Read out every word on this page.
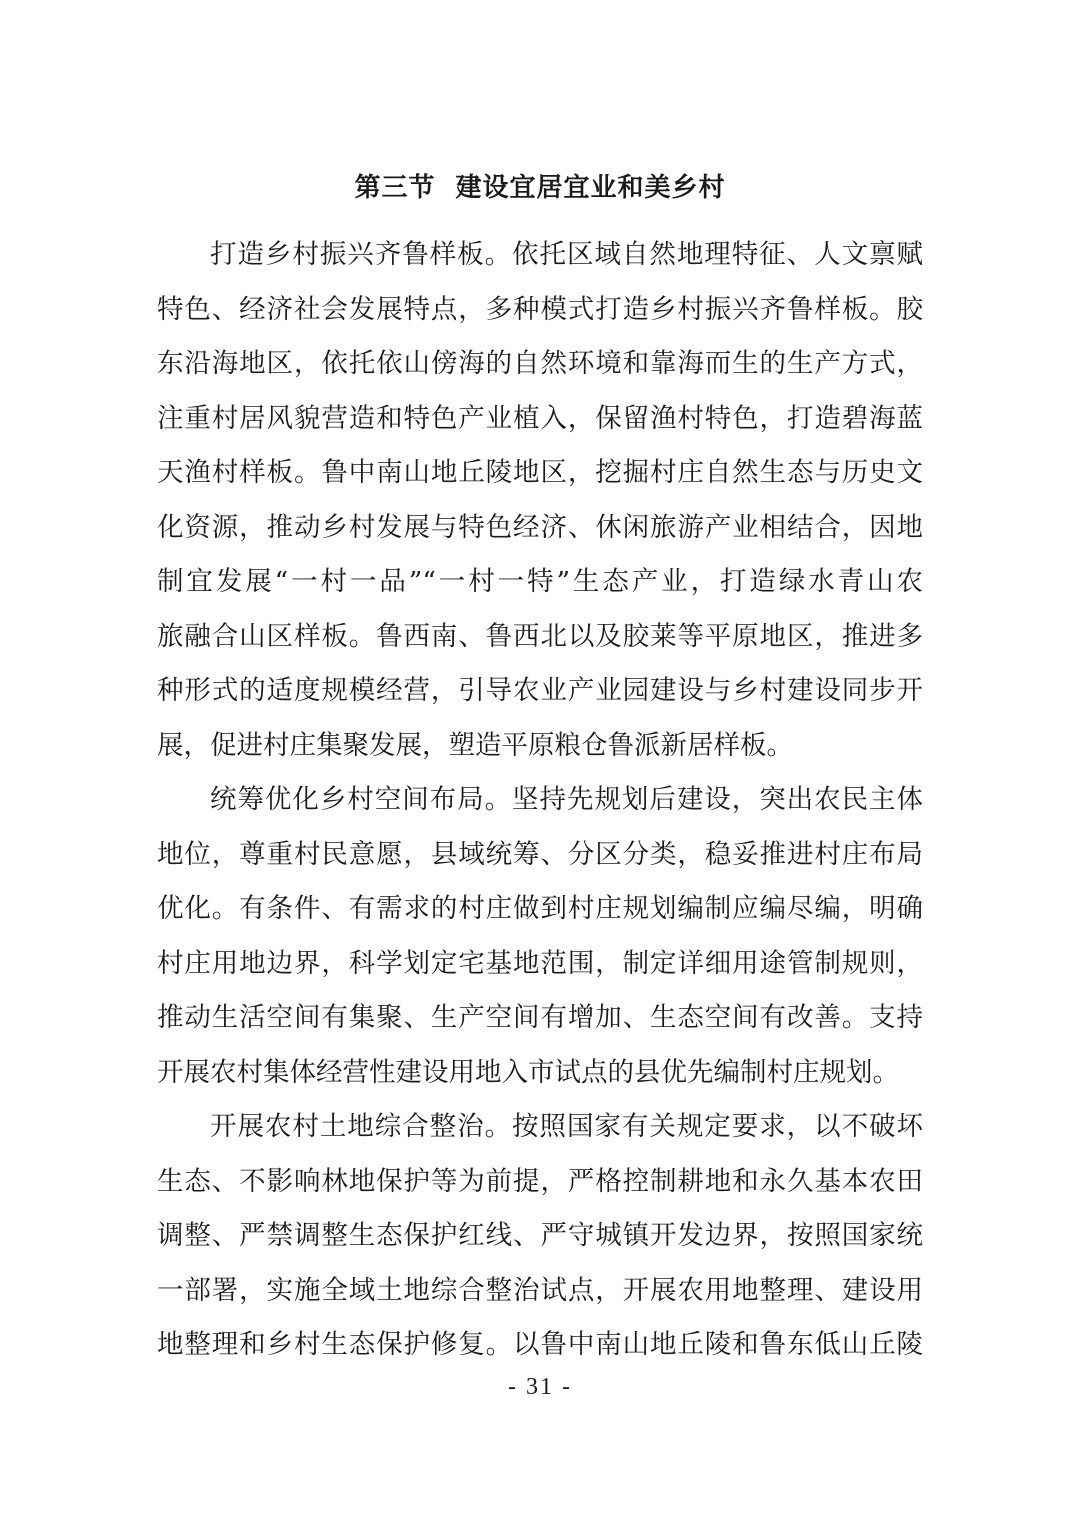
第三节  建设宜居宜业和美乡村
打造乡村振兴齐鲁样板。依托区域自然地理特征、人文禀赋
特色、经济社会发展特点，多种模式打造乡村振兴齐鲁样板。胶
东沿海地区，依托依山傍海的自然环境和靠海而生的生产方式，
注重村居风貌营造和特色产业植入，保留渔村特色，打造碧海蓝
天渔村样板。鲁中南山地丘陵地区，挖掘村庄自然生态与历史文
化资源，推动乡村发展与特色经济、休闲旅游产业相结合，因地
制宜发展“一村一品”“一村一特”生态产业，打造绿水青山农
旅融合山区样板。鲁西南、鲁西北以及胶莱等平原地区，推进多
种形式的适度规模经营，引导农业产业园建设与乡村建设同步开
展，促进村庄集聚发展，塑造平原粮仓鲁派新居样板。
统筹优化乡村空间布局。坚持先规划后建设，突出农民主体
地位，尊重村民意愿，县域统筹、分区分类，稳妥推进村庄布局
优化。有条件、有需求的村庄做到村庄规划编制应编尽编，明确
村庄用地边界，科学划定宅基地范围，制定详细用途管制规则，
推动生活空间有集聚、生产空间有增加、生态空间有改善。支持
开展农村集体经营性建设用地入市试点的县优先编制村庄规划。
开展农村土地综合整治。按照国家有关规定要求，以不破坏
生态、不影响林地保护等为前提，严格控制耕地和永久基本农田
调整、严禁调整生态保护红线、严守城镇开发边界，按照国家统
一部署，实施全域土地综合整治试点，开展农用地整理、建设用
地整理和乡村生态保护修复。以鲁中南山地丘陵和鲁东低山丘陵
- 31 -
